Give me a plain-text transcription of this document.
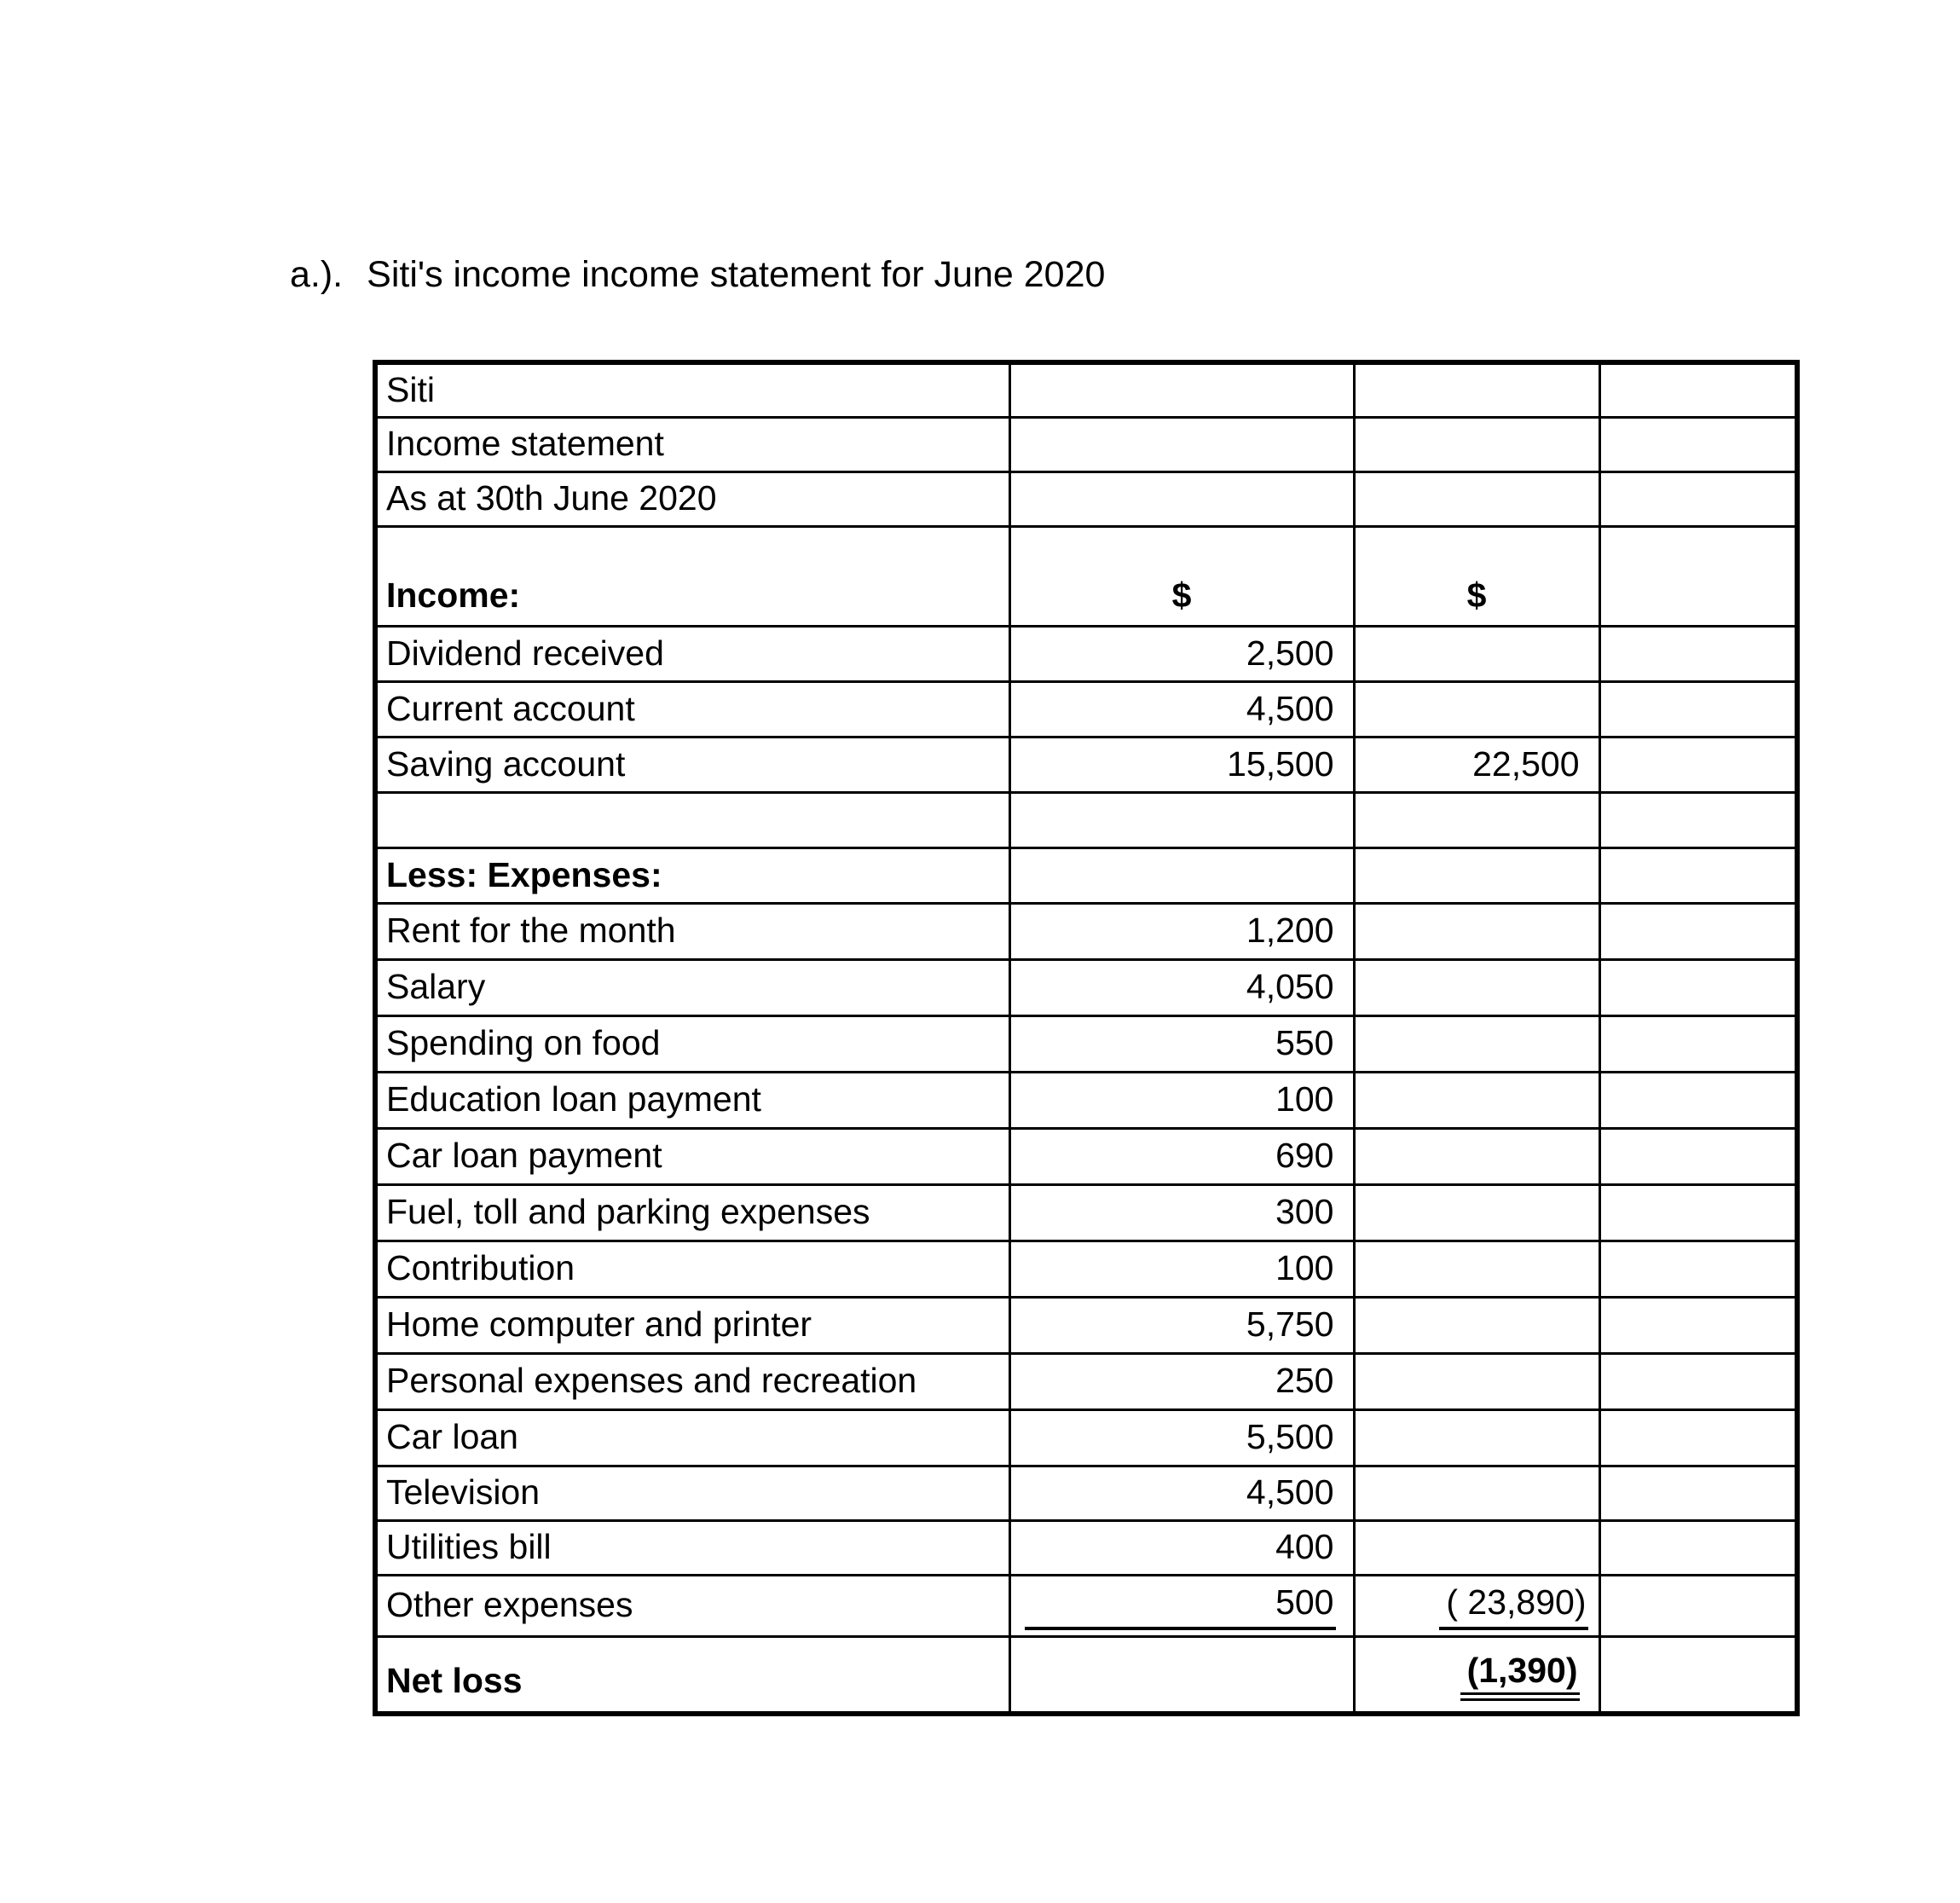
a.). Siti's income income statement for June 2020
Siti			
Income statement			
As at 30th June 2020			
Income:	$	$	
Dividend received	2,500		
Current account	4,500		
Saving account	15,500	22,500	

Less: Expenses:			
Rent for the month	1,200		
Salary	4,050		
Spending on food	550		
Education loan payment	100		
Car loan payment	690		
Fuel, toll and parking expenses	300		
Contribution	100		
Home computer and printer	5,750		
Personal expenses and recreation	250		
Car loan	5,500		
Television	4,500		
Utilities bill	400		
Other expenses	500	( 23,890)	
Net loss		(1,390)	
